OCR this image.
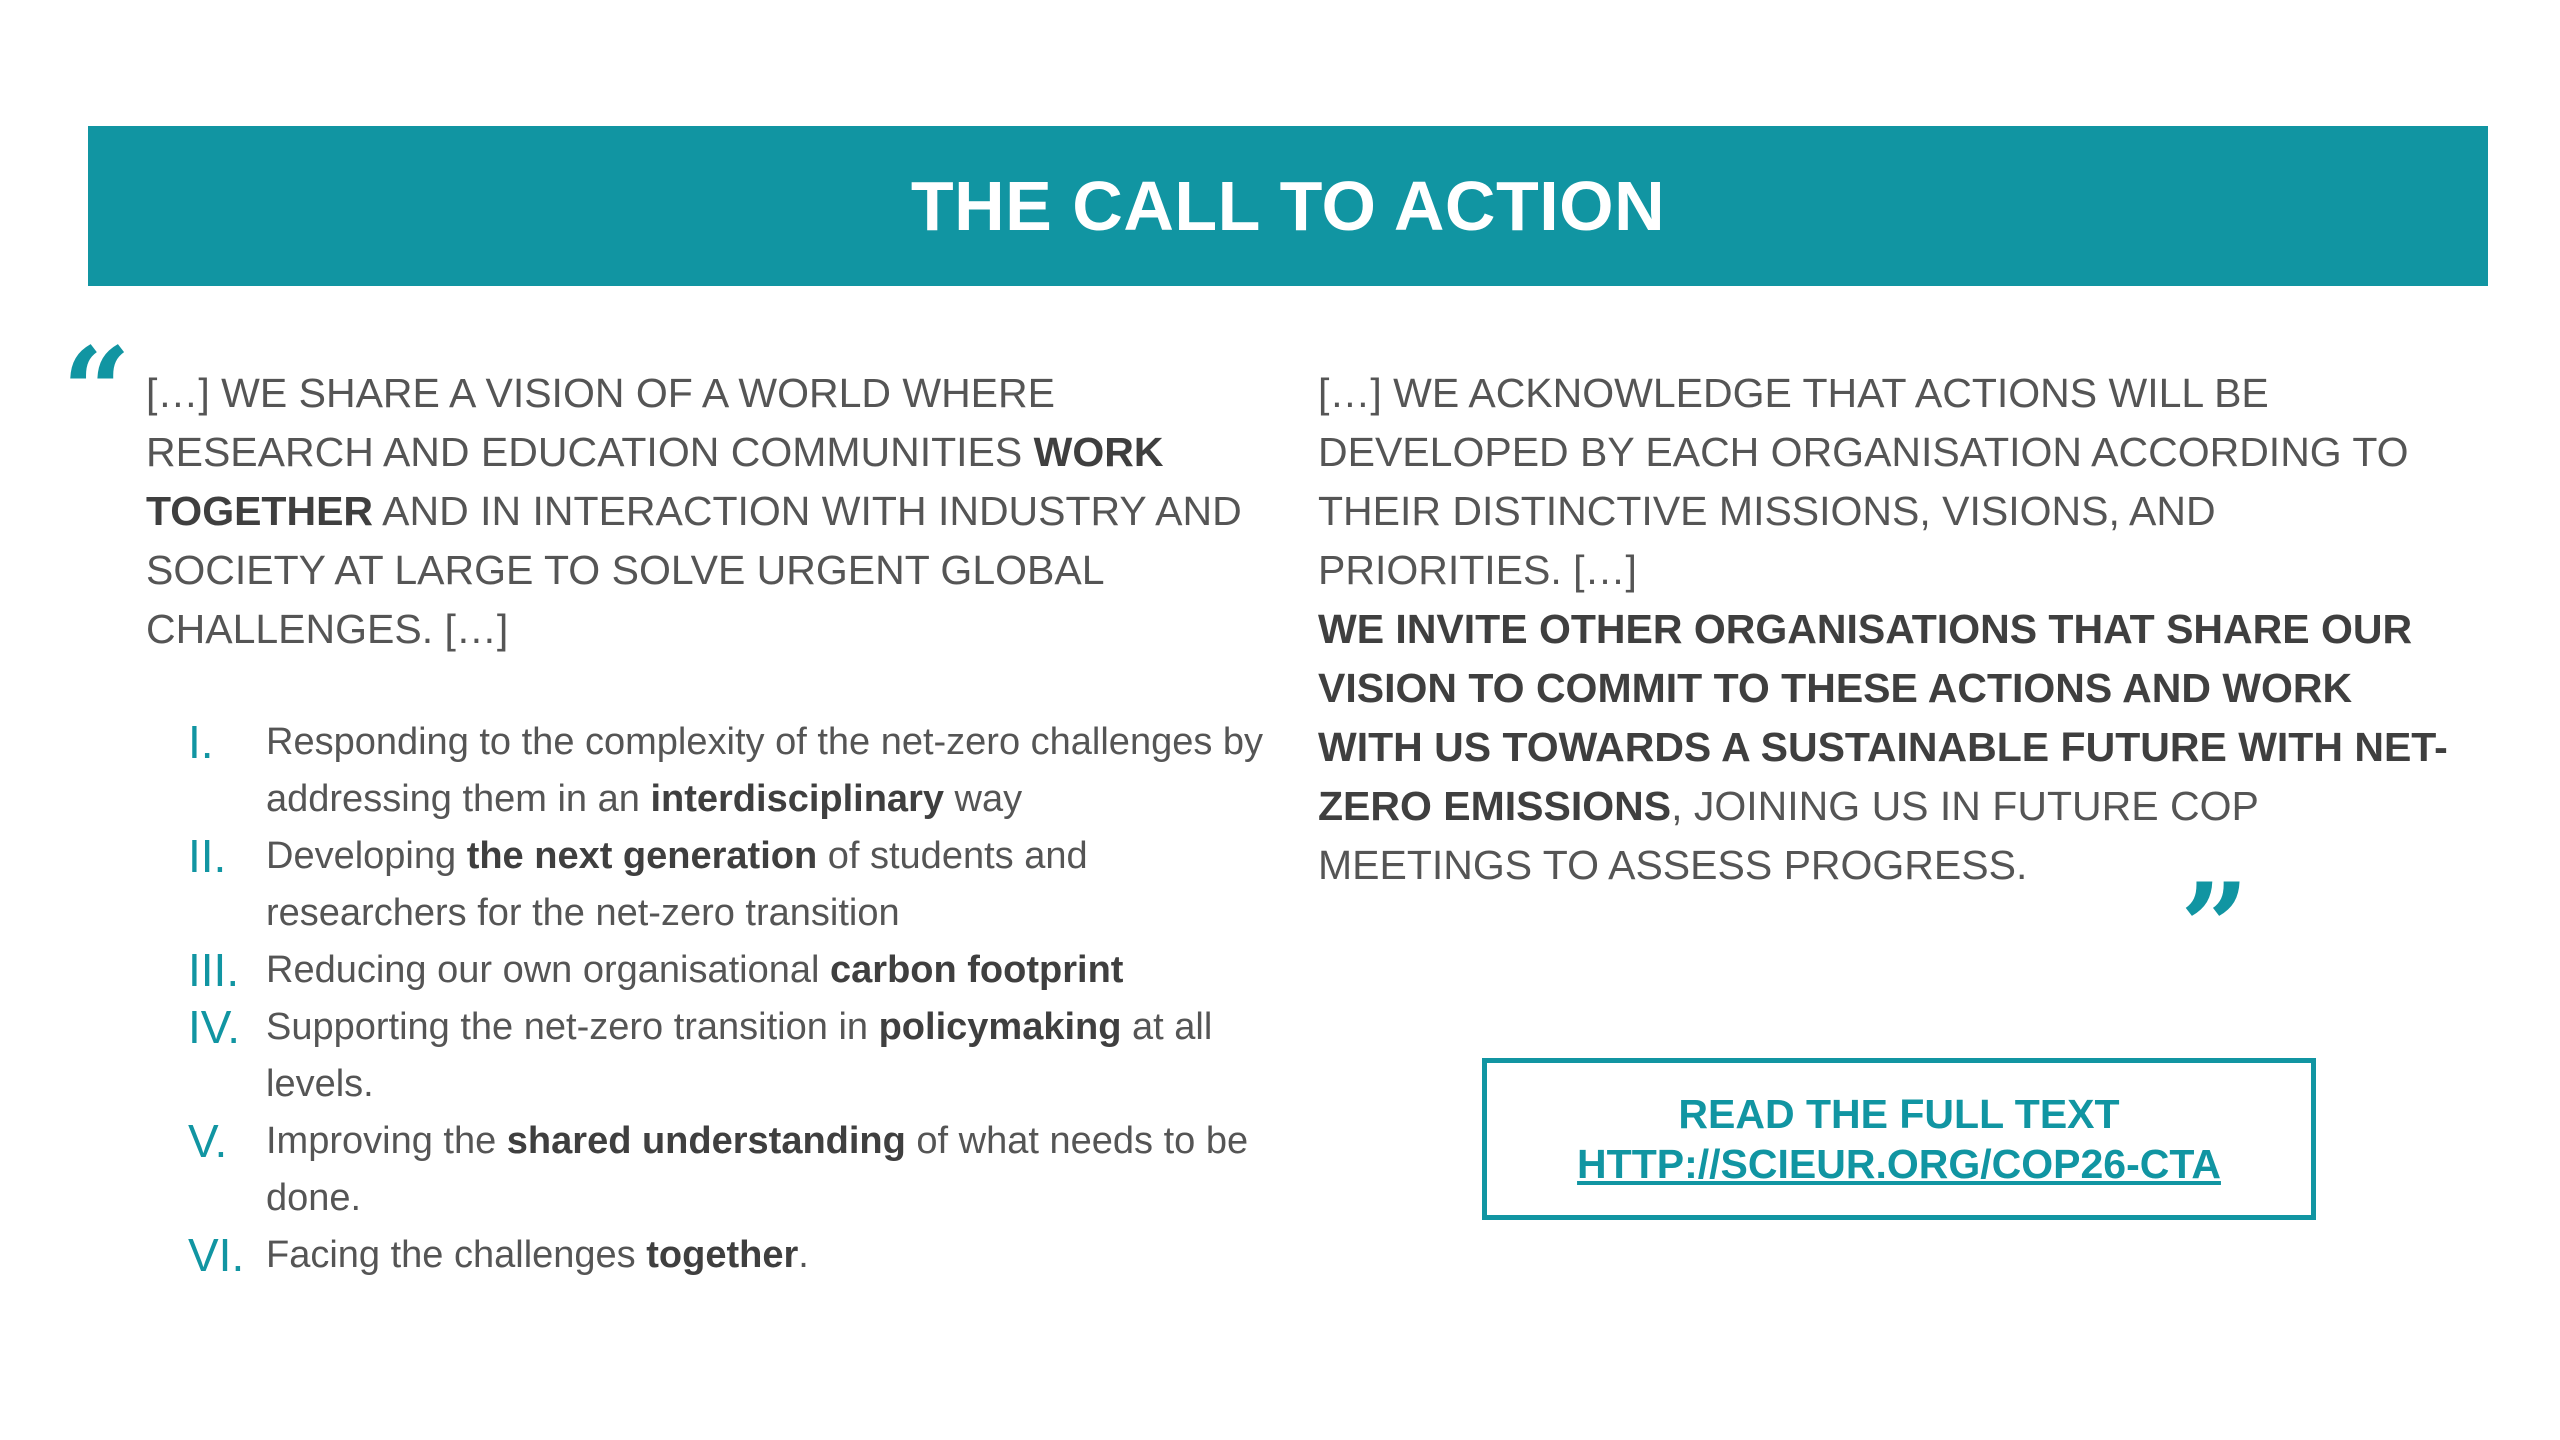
THE CALL TO ACTION
“ […] WE SHARE A VISION OF A WORLD WHERE RESEARCH AND EDUCATION COMMUNITIES WORK TOGETHER AND IN INTERACTION WITH INDUSTRY AND SOCIETY AT LARGE TO SOLVE URGENT GLOBAL CHALLENGES. […]
I.	Responding to the complexity of the net-zero challenges by addressing them in an interdisciplinary way
II.	Developing the next generation of students and researchers for the net-zero transition
III. Reducing our own organisational carbon footprint
IV. Supporting the net-zero transition in policymaking at all levels.
V.	Improving the shared understanding of what needs to be done.
VI. Facing the challenges together.
[…] WE ACKNOWLEDGE THAT ACTIONS WILL BE DEVELOPED BY EACH ORGANISATION ACCORDING TO THEIR DISTINCTIVE MISSIONS, VISIONS, AND PRIORITIES. […]
WE INVITE OTHER ORGANISATIONS THAT SHARE OUR VISION TO COMMIT TO THESE ACTIONS AND WORK WITH US TOWARDS A SUSTAINABLE FUTURE WITH NET-ZERO EMISSIONS, JOINING US IN FUTURE COP MEETINGS TO ASSESS PROGRESS.	”
READ THE FULL TEXT
HTTP://SCIEUR.ORG/COP26-CTA
